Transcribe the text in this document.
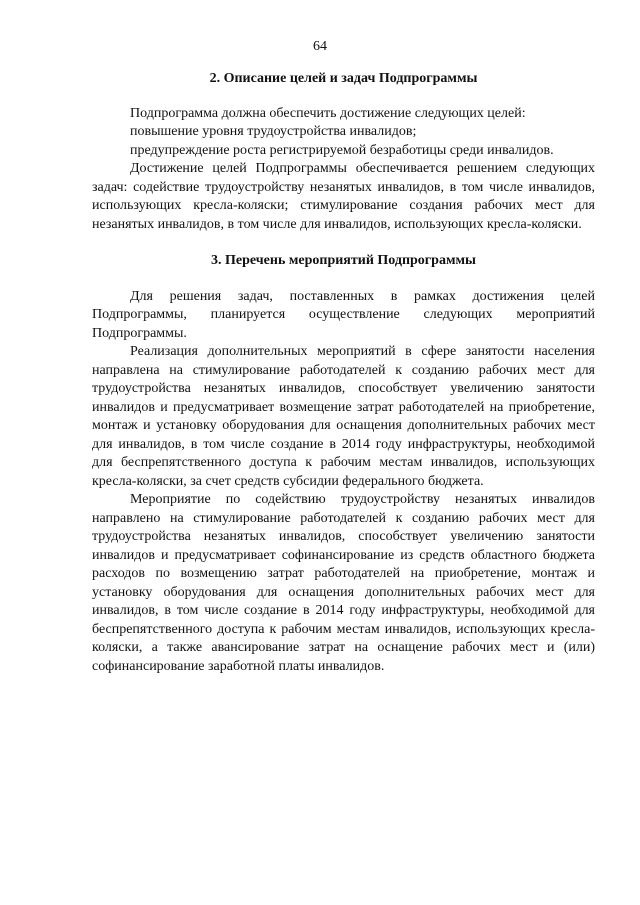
64

2. Описание целей и задач Подпрограммы

Подпрограмма должна обеспечить достижение следующих целей:

повышение уровня трудоустройства инвалидов;

предупреждение роста регистрируемой безработицы среди инвалидов.

Достижение целей Подпрограммы обеспечивается решением следующих задач: содействие трудоустройству незанятых инвалидов, в том числе инвалидов, использующих кресла-коляски; стимулирование создания рабочих мест для незанятых инвалидов, в том числе для инвалидов, использующих кресла-коляски.

3. Перечень мероприятий Подпрограммы

Для решения задач, поставленных в рамках достижения целей Подпрограммы, планируется осуществление следующих мероприятий Подпрограммы.

Реализация дополнительных мероприятий в сфере занятости населения направлена на стимулирование работодателей к созданию рабочих мест для трудоустройства незанятых инвалидов, способствует увеличению занятости инвалидов и предусматривает возмещение затрат работодателей на приобретение, монтаж и установку оборудования для оснащения дополнительных рабочих мест для инвалидов, в том числе создание в 2014 году инфраструктуры, необходимой для беспрепятственного доступа к рабочим местам инвалидов, использующих кресла-коляски, за счет средств субсидии федерального бюджета.

Мероприятие по содействию трудоустройству незанятых инвалидов направлено на стимулирование работодателей к созданию рабочих мест для трудоустройства незанятых инвалидов, способствует увеличению занятости инвалидов и предусматривает софинансирование из средств областного бюджета расходов по возмещению затрат работодателей на приобретение, монтаж и установку оборудования для оснащения дополнительных рабочих мест для инвалидов, в том числе создание в 2014 году инфраструктуры, необходимой для беспрепятственного доступа к рабочим местам инвалидов, использующих кресла-коляски, а также авансирование затрат на оснащение рабочих мест и (или) софинансирование заработной платы инвалидов.
